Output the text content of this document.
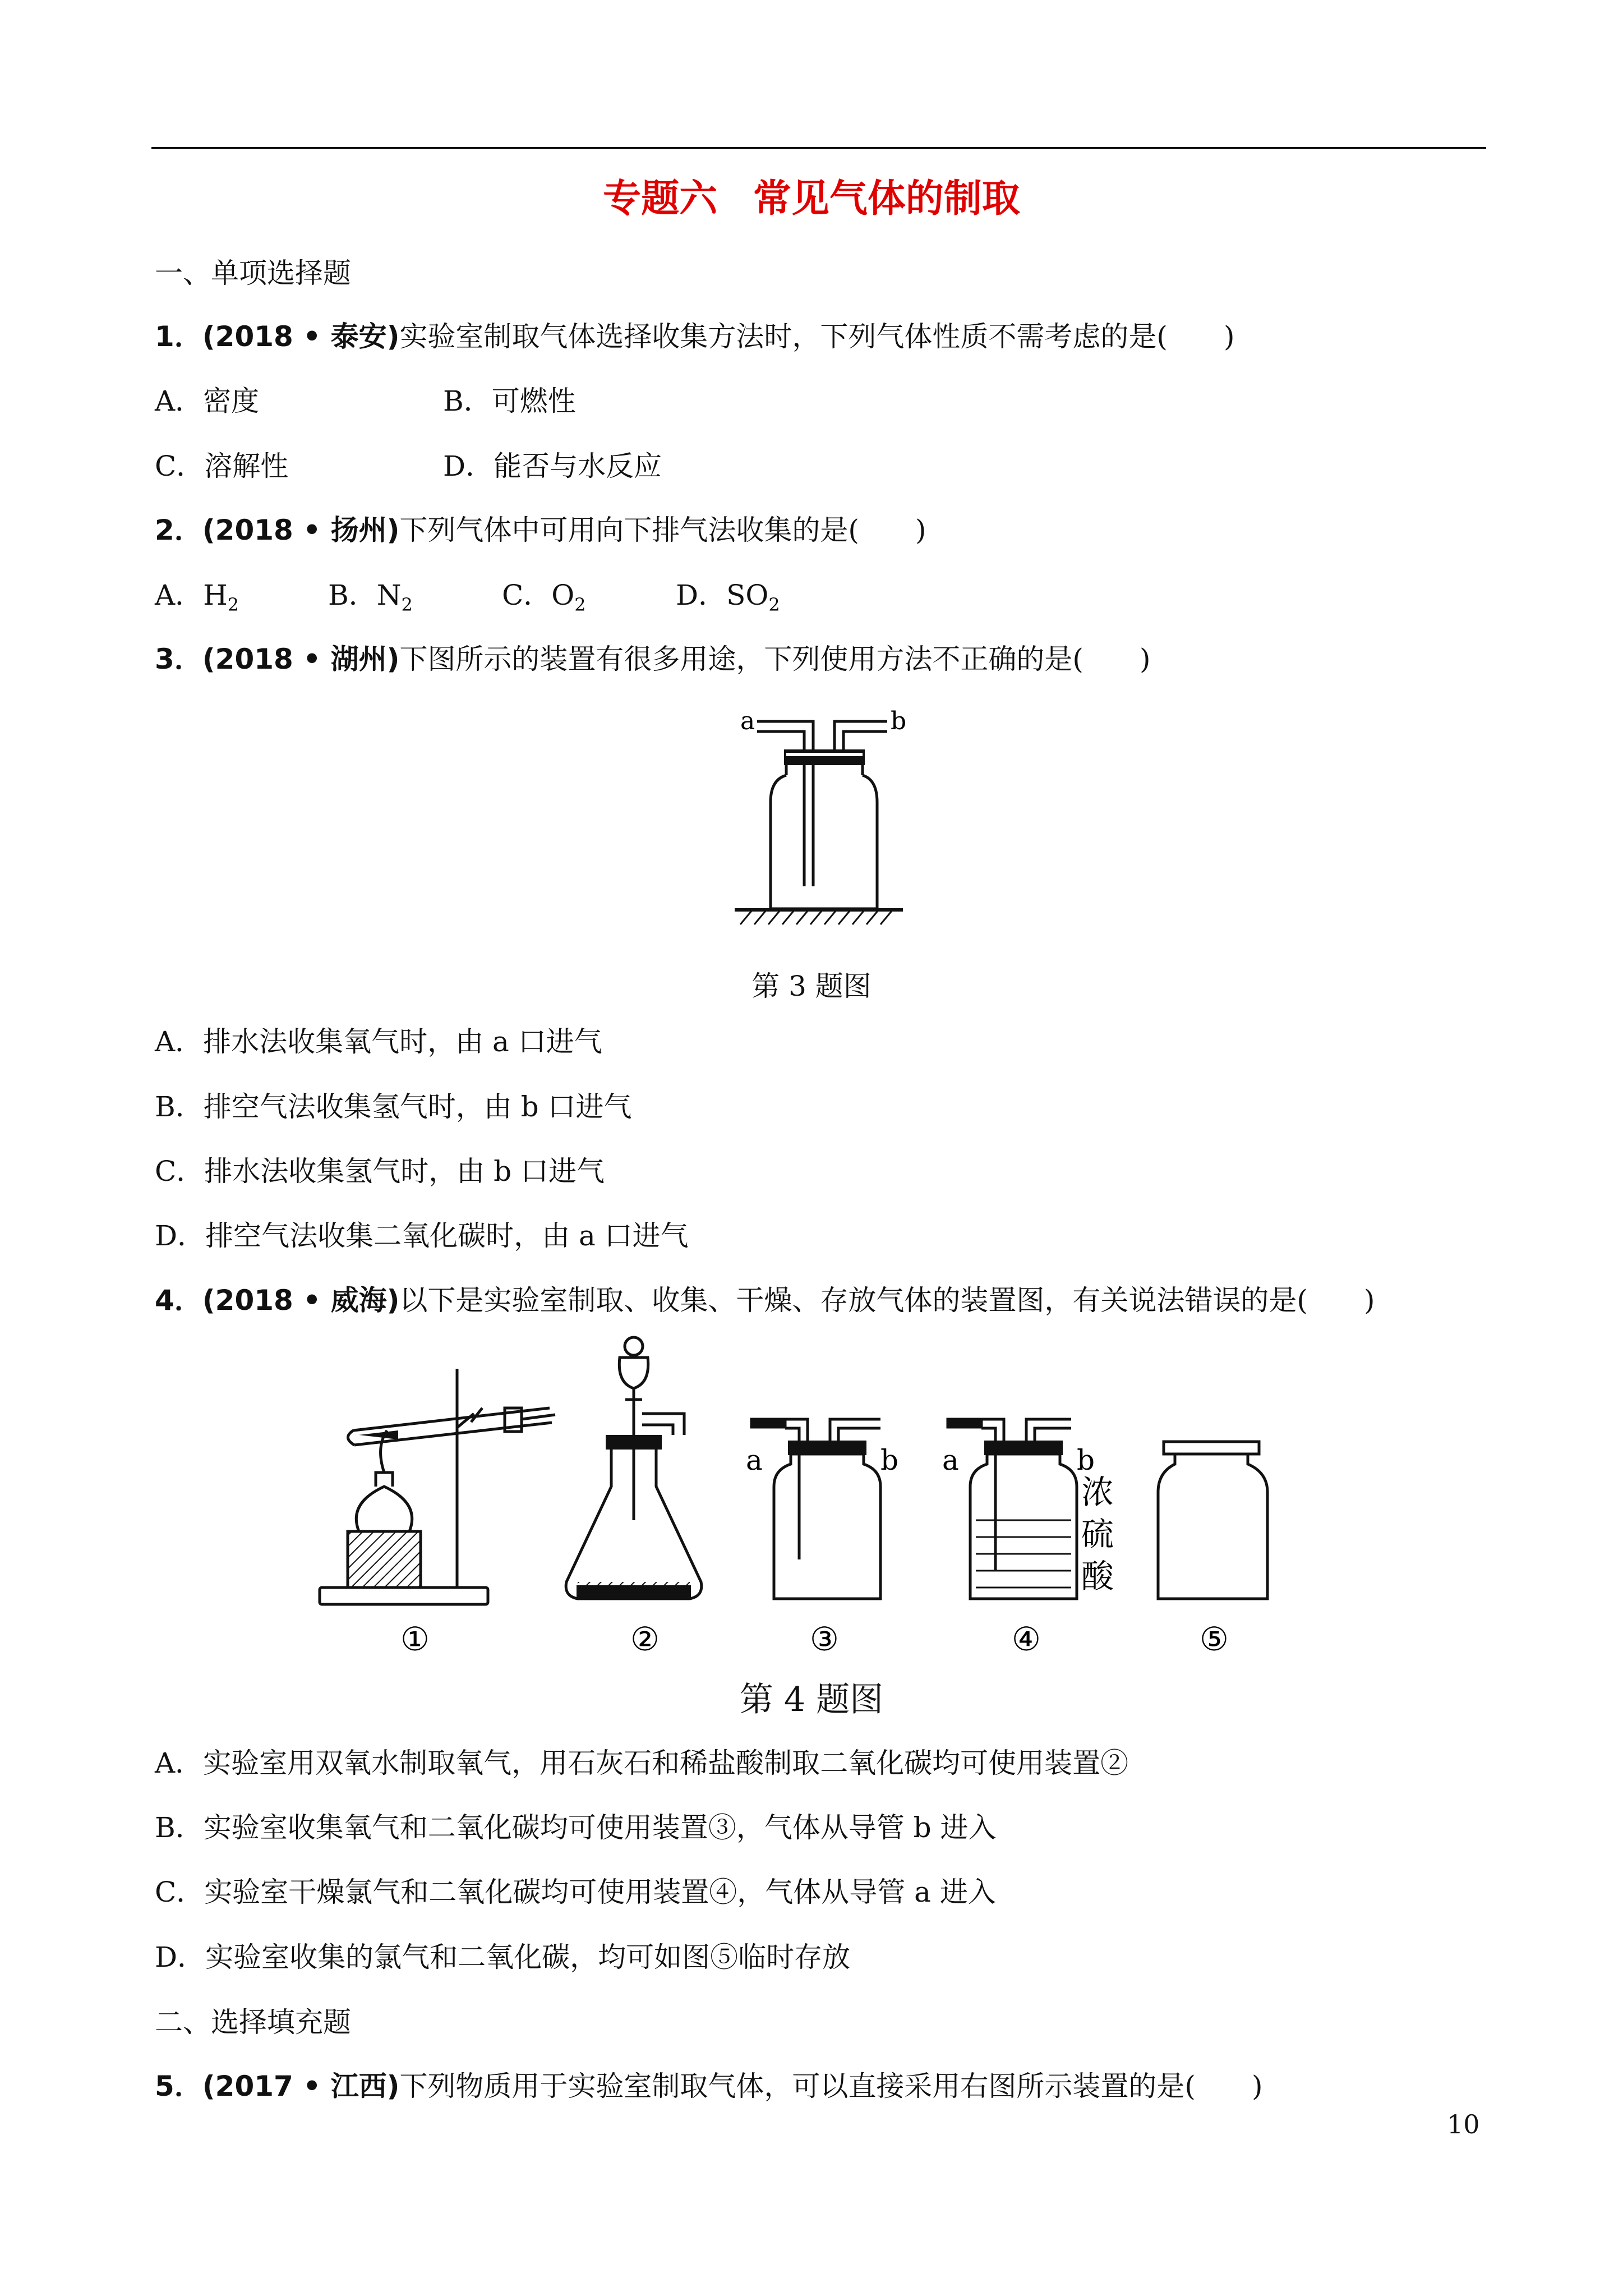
专题六 常见气体的制取
一、单项选择题
1．(2018 • 泰安)实验室制取气体选择收集方法时，下列气体性质不需考虑的是(　　)
A．密度	B．可燃性
C．溶解性	D．能否与水反应
2．(2018 • 扬州)下列气体中可用向下排气法收集的是(　　)
A．$H_2$	B．$N_2$	C．$O_2$	D．$SO_2$
3．(2018 • 湖州)下图所示的装置有很多用途，下列使用方法不正确的是(　　)
a	b
第 3 题图
A．排水法收集氧气时，由 a 口进气
B．排空气法收集氢气时，由 b 口进气
C．排水法收集氢气时，由 b 口进气
D．排空气法收集二氧化碳时，由 a 口进气
4．(2018 • 威海)以下是实验室制取、收集、干燥、存放气体的装置图，有关说法错误的是(　　)
a	b a	b
浓
硫
酸
①	②	③	④	⑤
第 4 题图
A．实验室用双氧水制取氧气，用石灰石和稀盐酸制取二氧化碳均可使用装置②
B．实验室收集氧气和二氧化碳均可使用装置③，气体从导管 b 进入
C．实验室干燥氯气和二氧化碳均可使用装置④，气体从导管 a 进入
D．实验室收集的氯气和二氧化碳，均可如图⑤临时存放
二、选择填充题
5．(2017 • 江西)下列物质用于实验室制取气体，可以直接采用右图所示装置的是(　　)
10
